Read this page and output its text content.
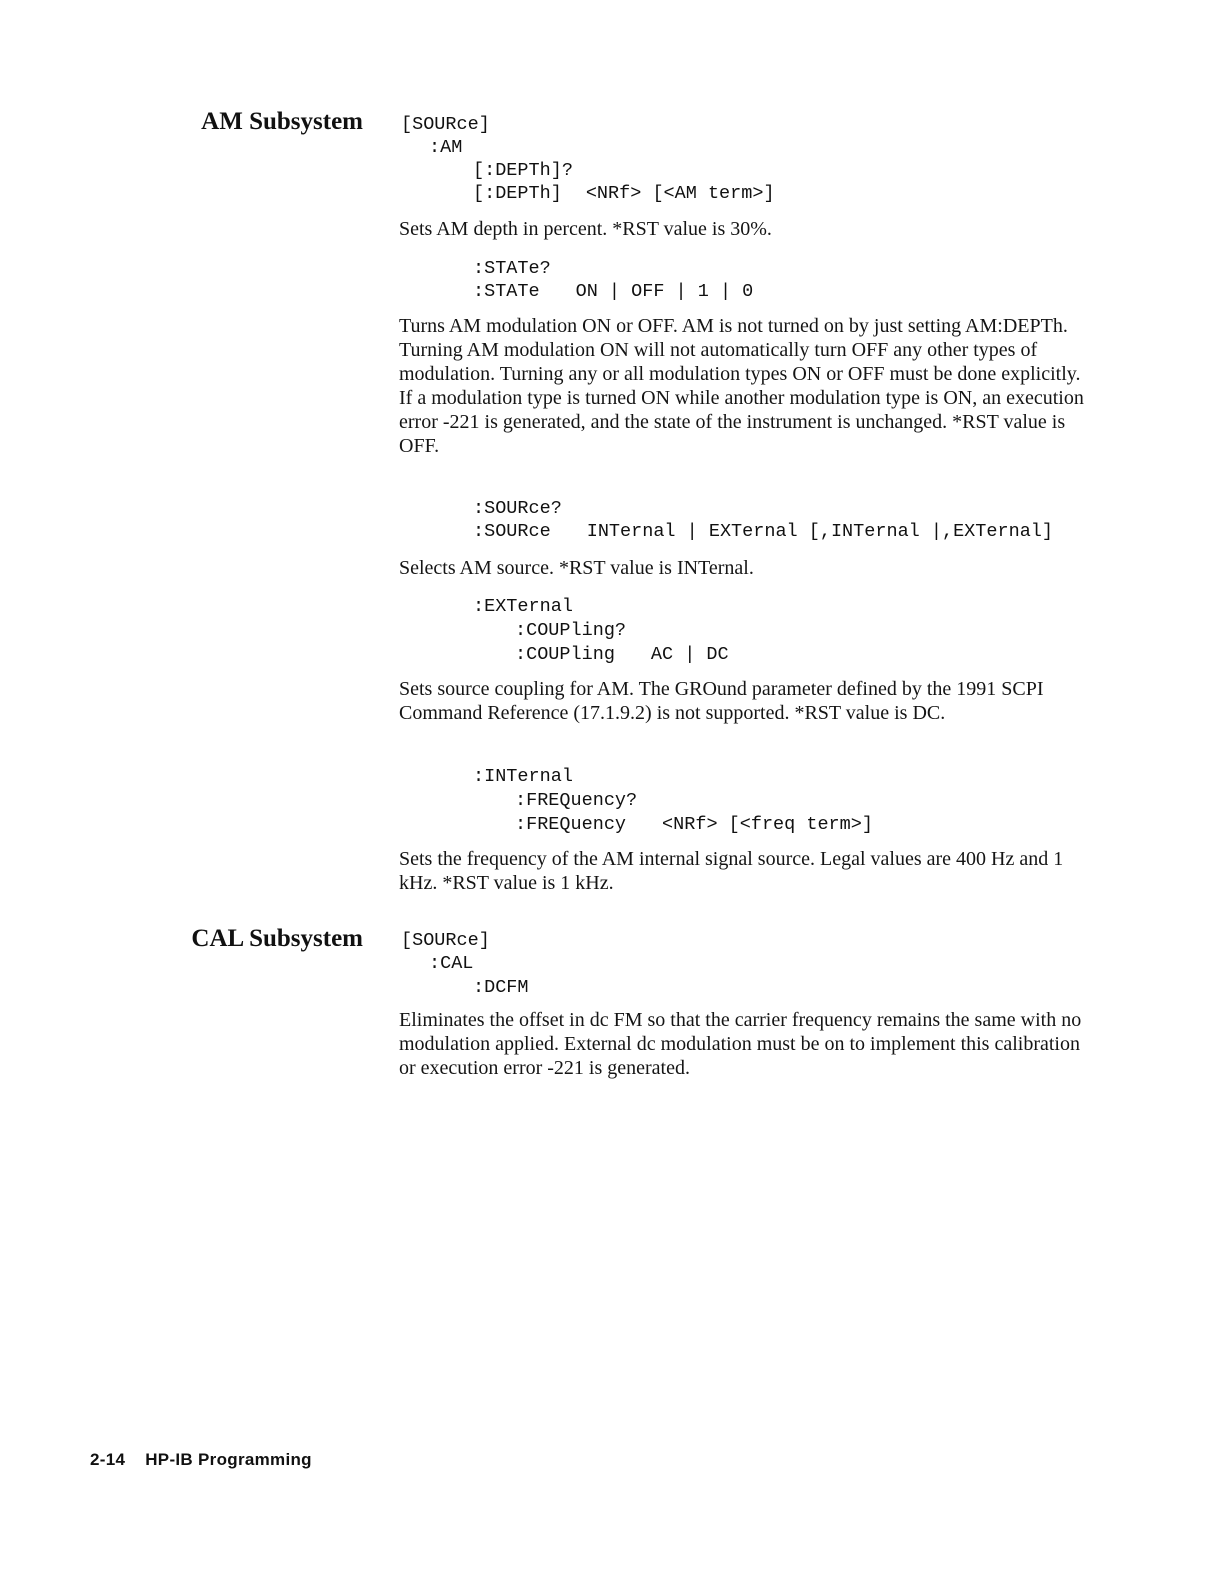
AM Subsystem [SOURce]
:AM
[:DEPTh]?
[:DEPTh] <NRf> [<AM term>]

Sets AM depth in percent. *RST value is 30%.

:STATe?
:STATe ON | OFF | 1 | 0

Turns AM modulation ON or OFF. AM is not turned on by just setting AM:DEPTh. Turning AM modulation ON will not automatically turn OFF any other types of modulation. Turning any or all modulation types ON or OFF must be done explicitly. If a modulation type is turned ON while another modulation type is ON, an execution error -221 is generated, and the state of the instrument is unchanged. *RST value is OFF.

:SOURce?
:SOURce INTernal | EXTernal [,INTernal |,EXTernal]

Selects AM source. *RST value is INTernal.

:EXTernal
:COUPling?
:COUPling AC | DC

Sets source coupling for AM. The GROund parameter defined by the 1991 SCPI Command Reference (17.1.9.2) is not supported. *RST value is DC.

:INTernal
:FREQuency?
:FREQuency <NRf> [<freq term>]

Sets the frequency of the AM internal signal source. Legal values are 400 Hz and 1 kHz. *RST value is 1 kHz.

CAL Subsystem [SOURce]
:CAL
:DCFM

Eliminates the offset in dc FM so that the carrier frequency remains the same with no modulation applied. External dc modulation must be on to implement this calibration or execution error -221 is generated.

2-14 HP-IB Programming
